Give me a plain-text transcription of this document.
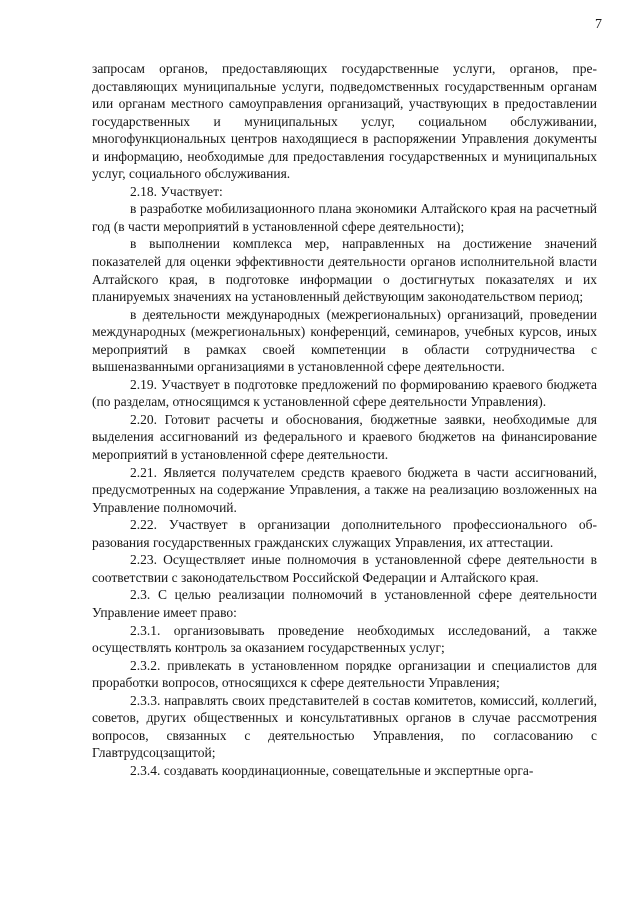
7

запросам органов, предоставляющих государственные услуги, органов, предоставляющих муниципальные услуги, подведомственных государственным органам или органам местного самоуправления организаций, участвующих в предоставлении государственных и муниципальных услуг, социальном обслуживании, многофункциональных центров находящиеся в распоряжении Управления документы и информацию, необходимые для предоставления государственных и муниципальных услуг, социального обслуживания.

2.18. Участвует:

в разработке мобилизационного плана экономики Алтайского края на расчетный год (в части мероприятий в установленной сфере деятельности);

в выполнении комплекса мер, направленных на достижение значений показателей для оценки эффективности деятельности органов исполнительной власти Алтайского края, в подготовке информации о достигнутых показателях и их планируемых значениях на установленный действующим законодательством период;

в деятельности международных (межрегиональных) организаций, проведении международных (межрегиональных) конференций, семинаров, учебных курсов, иных мероприятий в рамках своей компетенции в области сотрудничества с вышеназванными организациями в установленной сфере деятельности.

2.19. Участвует в подготовке предложений по формированию краевого бюджета (по разделам, относящимся к установленной сфере деятельности Управления).

2.20. Готовит расчеты и обоснования, бюджетные заявки, необходимые для выделения ассигнований из федерального и краевого бюджетов на финансирование мероприятий в установленной сфере деятельности.

2.21. Является получателем средств краевого бюджета в части ассигнований, предусмотренных на содержание Управления, а также на реализацию возложенных на Управление полномочий.

2.22. Участвует в организации дополнительного профессионального образования государственных гражданских служащих Управления, их аттестации.

2.23. Осуществляет иные полномочия в установленной сфере деятельности в соответствии с законодательством Российской Федерации и Алтайского края.

2.3. С целью реализации полномочий в установленной сфере деятельности Управление имеет право:

2.3.1. организовывать проведение необходимых исследований, а также осуществлять контроль за оказанием государственных услуг;

2.3.2. привлекать в установленном порядке организации и специалистов для проработки вопросов, относящихся к сфере деятельности Управления;

2.3.3. направлять своих представителей в состав комитетов, комиссий, коллегий, советов, других общественных и консультативных органов в случае рассмотрения вопросов, связанных с деятельностью Управления, по согласованию с Главтрудсоцзащитой;

2.3.4. создавать координационные, совещательные и экспертные орга-
